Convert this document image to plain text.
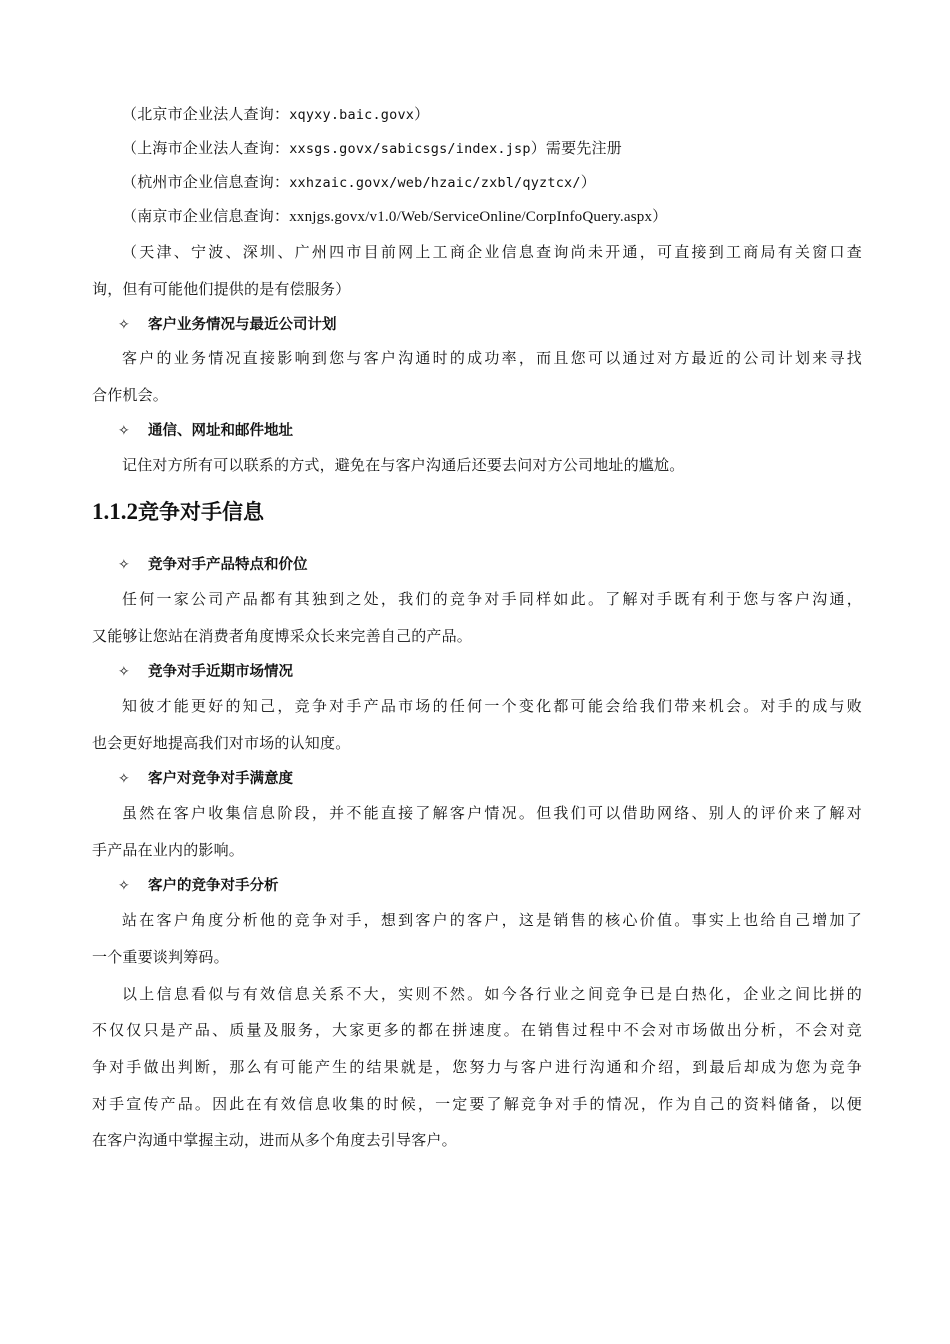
（北京市企业法人查询：xqyxy.baic.govx）
（上海市企业法人查询：xxsgs.govx/sabicsgs/index.jsp）需要先注册
（杭州市企业信息查询：xxhzaic.govx/web/hzaic/zxbl/qyztcx/）
（南京市企业信息查询：xxnjgs.govx/v1.0/Web/ServiceOnline/CorpInfoQuery.aspx）
（天津、宁波、深圳、广州四市目前网上工商企业信息查询尚未开通，可直接到工商局有关窗口查
询，但有可能他们提供的是有偿服务）
✧ 客户业务情况与最近公司计划
客户的业务情况直接影响到您与客户沟通时的成功率，而且您可以通过对方最近的公司计划来寻找
合作机会。
✧ 通信、网址和邮件地址
记住对方所有可以联系的方式，避免在与客户沟通后还要去问对方公司地址的尴尬。
1.1.2竞争对手信息
✧ 竞争对手产品特点和价位
任何一家公司产品都有其独到之处，我们的竞争对手同样如此。了解对手既有利于您与客户沟通，
又能够让您站在消费者角度博采众长来完善自己的产品。
✧ 竞争对手近期市场情况
知彼才能更好的知己，竞争对手产品市场的任何一个变化都可能会给我们带来机会。对手的成与败
也会更好地提高我们对市场的认知度。
✧ 客户对竞争对手满意度
虽然在客户收集信息阶段，并不能直接了解客户情况。但我们可以借助网络、别人的评价来了解对
手产品在业内的影响。
✧ 客户的竞争对手分析
站在客户角度分析他的竞争对手，想到客户的客户，这是销售的核心价值。事实上也给自己增加了
一个重要谈判筹码。
以上信息看似与有效信息关系不大，实则不然。如今各行业之间竞争已是白热化，企业之间比拼的
不仅仅只是产品、质量及服务，大家更多的都在拼速度。在销售过程中不会对市场做出分析，不会对竞
争对手做出判断，那么有可能产生的结果就是，您努力与客户进行沟通和介绍，到最后却成为您为竞争
对手宣传产品。因此在有效信息收集的时候，一定要了解竞争对手的情况，作为自己的资料储备，以便
在客户沟通中掌握主动，进而从多个角度去引导客户。
